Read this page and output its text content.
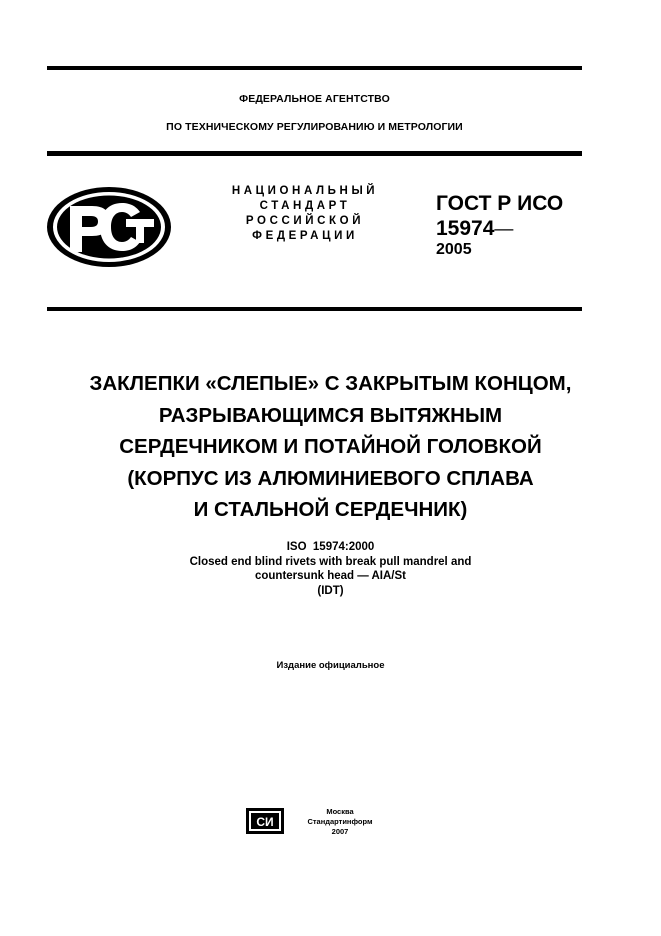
ФЕДЕРАЛЬНОЕ АГЕНТСТВО
ПО ТЕХНИЧЕСКОМУ РЕГУЛИРОВАНИЮ И МЕТРОЛОГИИ
НАЦИОНАЛЬНЫЙ
СТАНДАРТ
РОССИЙСКОЙ
ФЕДЕРАЦИИ
ГОСТ Р ИСО
15974—
2005
ЗАКЛЕПКИ «СЛЕПЫЕ» С ЗАКРЫТЫМ КОНЦОМ,
РАЗРЫВАЮЩИМСЯ ВЫТЯЖНЫМ
СЕРДЕЧНИКОМ И ПОТАЙНОЙ ГОЛОВКОЙ
(КОРПУС ИЗ АЛЮМИНИЕВОГО СПЛАВА
И СТАЛЬНОЙ СЕРДЕЧНИК)
ISO  15974:2000
Closed end blind rivets with break pull mandrel and
countersunk head — AIA/St
(IDT)
Издание официальное
СИ
Москва
Стандартинформ
2007
